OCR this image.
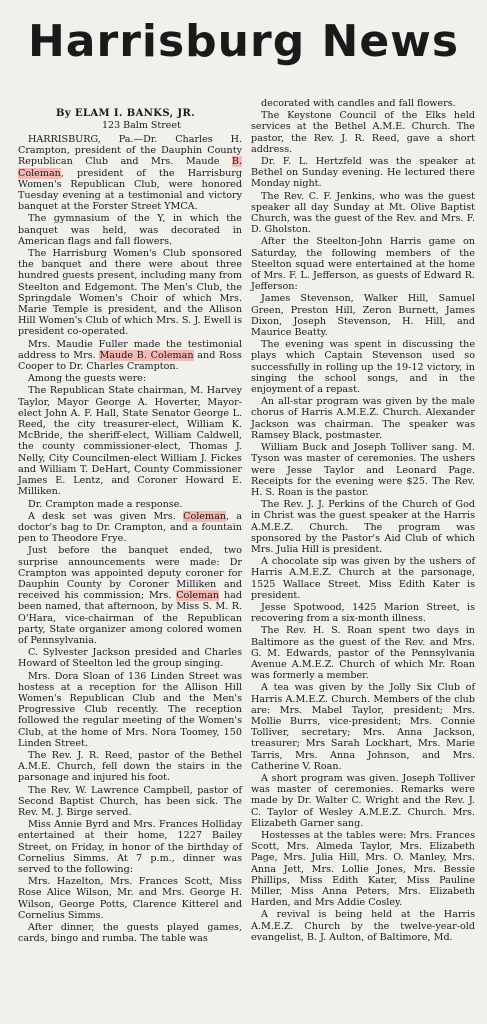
Harrisburg News
By ELAM I. BANKS, JR.
123 Balm Street

HARRISBURG, Pa.—Dr. Charles H. Crampton, president of the Dauphin County Republican Club and Mrs. Maude B. Coleman, president of the Harrisburg Women's Republican Club, were honored Tuesday evening at a testimonial and victory banquet at the Forster Street YMCA.

The gymnasium of the Y, in which the banquet was held, was decorated in American flags and fall flowers.

The Harrisburg Women's Club sponsored the banquet and there were about three hundred guests present, including many from Steelton and Edgemont. The Men's Club, the Springdale Women's Choir of which Mrs. Marie Temple is president, and the Allison Hill Women's Club of which Mrs. S. J. Ewell is president co-operated.

Mrs. Maudie Fuller made the testimonial address to Mrs. Maude B. Coleman and Ross Cooper to Dr. Charles Crampton.

Among the guests were:

The Republican State chairman, M. Harvey Taylor, Mayor George A. Hoverter, Mayor-elect John A. F. Hall, State Senator George L. Reed, the city treasurer-elect, William K. McBride, the sheriff-elect, William Caldwell, the county commissioner-elect, Thomas J. Nelly, City Councilmen-elect William J. Fickes and William T. DeHart, County Commissioner James E. Lentz, and Coroner Howard E. Milliken.

Dr. Crampton made a response.

A desk set was given Mrs. Coleman, a doctor's bag to Dr. Crampton, and a fountain pen to Theodore Frye.

Just before the banquet ended, two surprise announcements were made: Dr Crampton was appointed deputy coroner for Dauphin County by Coroner Milliken and received his commission; Mrs. Coleman had been named, that afternoon, by Miss S. M. R. O'Hara, vice-chairman of the Republican party, State organizer among colored women of Pennsylvania.

C. Sylvester Jackson presided and Charles Howard of Steelton led the group singing.

Mrs. Dora Sloan of 136 Linden Street was hostess at a reception for the Allison Hill Women's Republican Club and the Men's Progressive Club recently. The reception followed the regular meeting of the Women's Club, at the home of Mrs. Nora Toomey, 150 Linden Street.

The Rev. J. R. Reed, pastor of the Bethel A.M.E. Church, fell down the stairs in the parsonage and injured his foot.

The Rev. W. Lawrence Campbell, pastor of Second Baptist Church, has been sick. The Rev. M. J. Birge served.

Miss Annie Byrd and Mrs. Frances Holliday entertained at their home, 1227 Bailey Street, on Friday, in honor of the birthday of Cornelius Simms. At 7 p.m., dinner was served to the following:

Mrs. Hazelton, Mrs. Frances Scott, Miss Rose Alice Wilson, Mr. and Mrs. George H. Wilson, George Potts, Clarence Kitterel and Cornelius Simms.

After dinner, the guests played games, cards, bingo and rumba. The table was

decorated with candles and fall flowers.

The Keystone Council of the Elks held services at the Bethel A.M.E. Church. The pastor, the Rev. J. R. Reed, gave a short address.

Dr. F. L. Hertzfeld was the speaker at Bethel on Sunday evening. He lectured there Monday night.

The Rev. C. F. Jenkins, who was the guest speaker all day Sunday at Mt. Olive Baptist Church, was the guest of the Rev. and Mrs. F. D. Gholston.

After the Steelton-John Harris game on Saturday, the following members of the Steelton squad were entertained at the home of Mrs. F. L. Jefferson, as guests of Edward R. Jefferson:

James Stevenson, Walker Hill, Samuel Green, Preston Hill, Zeron Burnett, James Dixon, Joseph Stevenson, H. Hill, and Maurice Beatty.

The evening was spent in discussing the plays which Captain Stevenson used so successfully in rolling up the 19-12 victory, in singing the school songs, and in the enjoyment of a repast.

An all-star program was given by the male chorus of Harris A.M.E.Z. Church. Alexander Jackson was chairman. The speaker was Ramsey Black, postmaster.

William Buck and Joseph Tolliver sang. M. Tyson was master of ceremonies. The ushers were Jesse Taylor and Leonard Page. Receipts for the evening were $25. The Rev. H. S. Roan is the pastor.

The Rev. J. J. Perkins of the Church of God in Christ was the guest speaker at the Harris A.M.E.Z. Church. The program was sponsored by the Pastor's Aid Club of which Mrs. Julia Hill is president.

A chocolate sip was given by the ushers of Harris A.M.E.Z. Church at the parsonage, 1525 Wallace Street. Miss Edith Kater is president.

Jesse Spotwood, 1425 Marion Street, is recovering from a six-month illness.

The Rev. H. S. Roan spent two days in Baltimore as the guest of the Rev. and Mrs. G. M. Edwards, pastor of the Pennsylvania Avenue A.M.E.Z. Church of which Mr. Roan was formerly a member.

A tea was given by the Jolly Six Club of Harris A.M.E.Z. Church. Members of the club are: Mrs. Mabel Taylor, president; Mrs. Mollie Burrs, vice-president; Mrs. Connie Tolliver, secretary; Mrs. Anna Jackson, treasurer; Mrs Sarah Lockhart, Mrs. Marie Tarris, Mrs. Anna Johnson, and Mrs. Catherine V. Roan.

A short program was given. Joseph Tolliver was master of ceremonies. Remarks were made by Dr. Walter C. Wright and the Rev. J. C. Taylor of Wesley A.M.E.Z. Church. Mrs. Elizabeth Garner sang.

Hostesses at the tables were: Mrs. Frances Scott, Mrs. Almeda Taylor, Mrs. Elizabeth Page, Mrs. Julia Hill, Mrs. O. Manley, Mrs. Anna Jett, Mrs. Lollie Jones, Mrs. Bessie Phillips, Miss Edith Kater, Miss Pauline Miller, Miss Anna Peters, Mrs. Elizabeth Harden, and Mrs Addie Cosley.

A revival is being held at the Harris A.M.E.Z. Church by the twelve-year-old evangelist, B. J. Aulton, of Baltimore, Md.
